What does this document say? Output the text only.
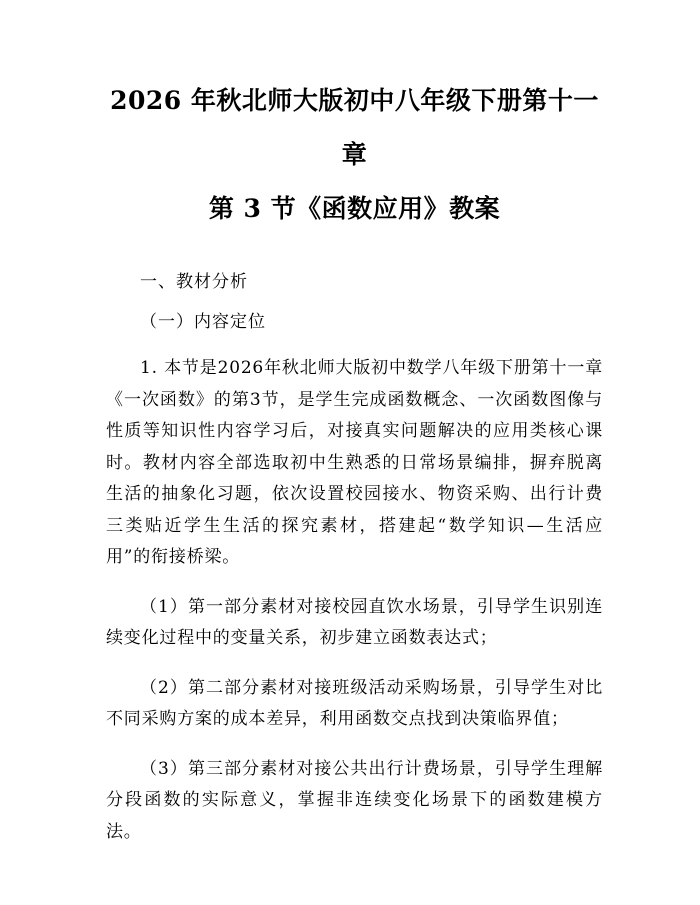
2026 年秋北师大版初中八年级下册第十一章
第 3 节《函数应用》教案

一、教材分析

（一）内容定位

1. 本节是2026年秋北师大版初中数学八年级下册第十一章《一次函数》的第3节，是学生完成函数概念、一次函数图像与性质等知识性内容学习后，对接真实问题解决的应用类核心课时。教材内容全部选取初中生熟悉的日常场景编排，摒弃脱离生活的抽象化习题，依次设置校园接水、物资采购、出行计费三类贴近学生生活的探究素材，搭建起“数学知识—生活应用”的衔接桥梁。

（1）第一部分素材对接校园直饮水场景，引导学生识别连续变化过程中的变量关系，初步建立函数表达式；

（2）第二部分素材对接班级活动采购场景，引导学生对比不同采购方案的成本差异，利用函数交点找到决策临界值；

（3）第三部分素材对接公共出行计费场景，引导学生理解分段函数的实际意义，掌握非连续变化场景下的函数建模方法。
